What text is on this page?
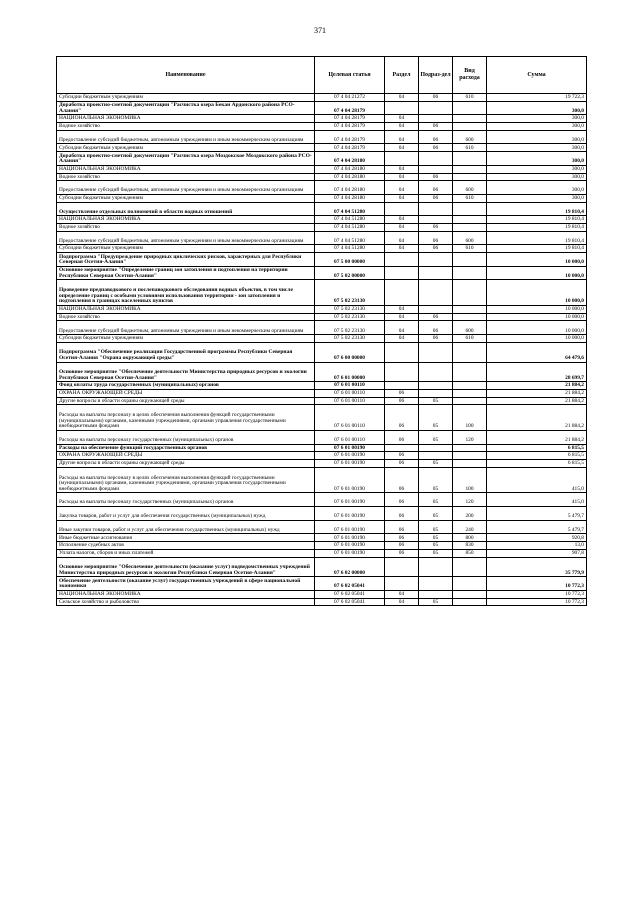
371
Наименование	Целевая статья	Раздел	Подраз-дел	Вид расхода	Сумма
Субсидии бюджетным учреждениям	07 4 04 21272	04	06	610	19 722,3
Доработка проектно-сметной документации "Расчистка озера Бекан Ардонского района РСО-Алания"	07 4 04 28179				300,0
НАЦИОНАЛЬНАЯ ЭКОНОМИКА	07 4 04 28179	04			300,0
Водное хозяйство	07 4 04 28179	04	06		300,0
Предоставление субсидий бюджетным, автономным учреждениям и иным некоммерческим организациям	07 4 04 28179	04	06	600	300,0
Субсидии бюджетным учреждениям	07 4 04 28179	04	06	610	300,0
Доработка проектно-сметной документации "Расчистка озера Моздокское Моздокского района РСО-Алания"	07 4 04 28180				300,0
НАЦИОНАЛЬНАЯ ЭКОНОМИКА	07 4 04 28180	04			300,0
Водное хозяйство	07 4 04 28180	04	06		300,0
Предоставление субсидий бюджетным, автономным учреждениям и иным некоммерческим организациям	07 4 04 28180	04	06	600	300,0
Субсидии бюджетным учреждениям	07 4 04 28180	04	06	610	300,0
Осуществление отдельных полномочий в области водных отношений	07 4 04 51280				19 810,4
НАЦИОНАЛЬНАЯ ЭКОНОМИКА	07 4 04 51280	04			19 810,4
Водное хозяйство	07 4 04 51280	04	06		19 810,4
Предоставление субсидий бюджетным, автономным учреждениям и иным некоммерческим организациям	07 4 04 51280	04	06	600	19 810,4
Субсидии бюджетным учреждениям	07 4 04 51280	04	06	610	19 810,4
Подпрограмма "Предупреждение природных циклических рисков, характерных для Республики Северная Осетия-Алания"	07 5 00 00000				10 000,0
Основное мероприятие "Определение границ зон затопления и подтопления на территории Республики Северная Осетия-Алания"	07 5 02 00000				10 000,0
Проведение предпаводкового и послепаводкового обследования водных объектов, в том числе определение границ с особыми условиями использования территории - зон затопления и подтопления в границах населенных пунктов	07 5 02 23130				10 000,0
НАЦИОНАЛЬНАЯ ЭКОНОМИКА	07 5 02 23130	04			10 000,0
Водное хозяйство	07 5 02 23130	04	06		10 000,0
Предоставление субсидий бюджетным, автономным учреждениям и иным некоммерческим организациям	07 5 02 23130	04	06	600	10 000,0
Субсидии бюджетным учреждениям	07 5 02 23130	04	06	610	10 000,0
Подпрограмма "Обеспечение реализации Государственной программы Республики Северная Осетия-Алания "Охрана окружающей среды"	07 6 00 00000				64 479,6
Основное мероприятие "Обеспечение деятельности Министерства природных ресурсов и экологии Республики Северная Осетия-Алания"	07 6 01 00000				28 699,7
Фонд оплаты труда государственных (муниципальных) органов	07 6 01 00110				21 884,2
ОХРАНА ОКРУЖАЮЩЕЙ СРЕДЫ	07 6 01 00110	06			21 884,2
Другие вопросы в области охраны окружающей среды	07 6 01 00110	06	05		21 884,2
Расходы на выплаты персоналу в целях обеспечения выполнения функций государственными (муниципальными) органами, казенными учреждениями, органами управления государственными внебюджетными фондами	07 6 01 00110	06	05	100	21 884,2
Расходы на выплаты персоналу государственных (муниципальных) органов	07 6 01 00110	06	05	120	21 884,2
Расходы на обеспечение функций государственных органов	07 6 01 00190				6 815,5
ОХРАНА ОКРУЖАЮЩЕЙ СРЕДЫ	07 6 01 00190	06			6 815,5
Другие вопросы в области охраны окружающей среды	07 6 01 00190	06	05		6 815,5
Расходы на выплаты персоналу в целях обеспечения выполнения функций государственными (муниципальными) органами, казенными учреждениями, органами управления государственными внебюджетными фондами	07 6 01 00190	06	05	100	415,0
Расходы на выплаты персоналу государственных (муниципальных) органов	07 6 01 00190	06	05	120	415,0
Закупка товаров, работ и услуг для обеспечения государственных (муниципальных) нужд	07 6 01 00190	06	05	200	5 479,7
Иные закупки товаров, работ и услуг для обеспечения государственных (муниципальных) нужд	07 6 01 00190	06	05	240	5 479,7
Иные бюджетные ассигнования	07 6 01 00190	06	05	800	920,8
Исполнение судебных актов	07 6 01 00190	06	05	830	13,0
Уплата налогов, сборов и иных платежей	07 6 01 00190	06	05	850	907,8
Основное мероприятие "Обеспечение деятельности (оказание услуг) подведомственных учреждений Министерства природных ресурсов и экологии Республики Северная Осетия-Алания"	07 6 02 00000				35 779,9
Обеспечение деятельности (оказание услуг) государственных учреждений в сфере национальной экономики	07 6 02 05041				10 772,3
НАЦИОНАЛЬНАЯ ЭКОНОМИКА	07 6 02 05041	04			10 772,3
Сельское хозяйство и рыболовство	07 6 02 05041	04	05		10 772,3
